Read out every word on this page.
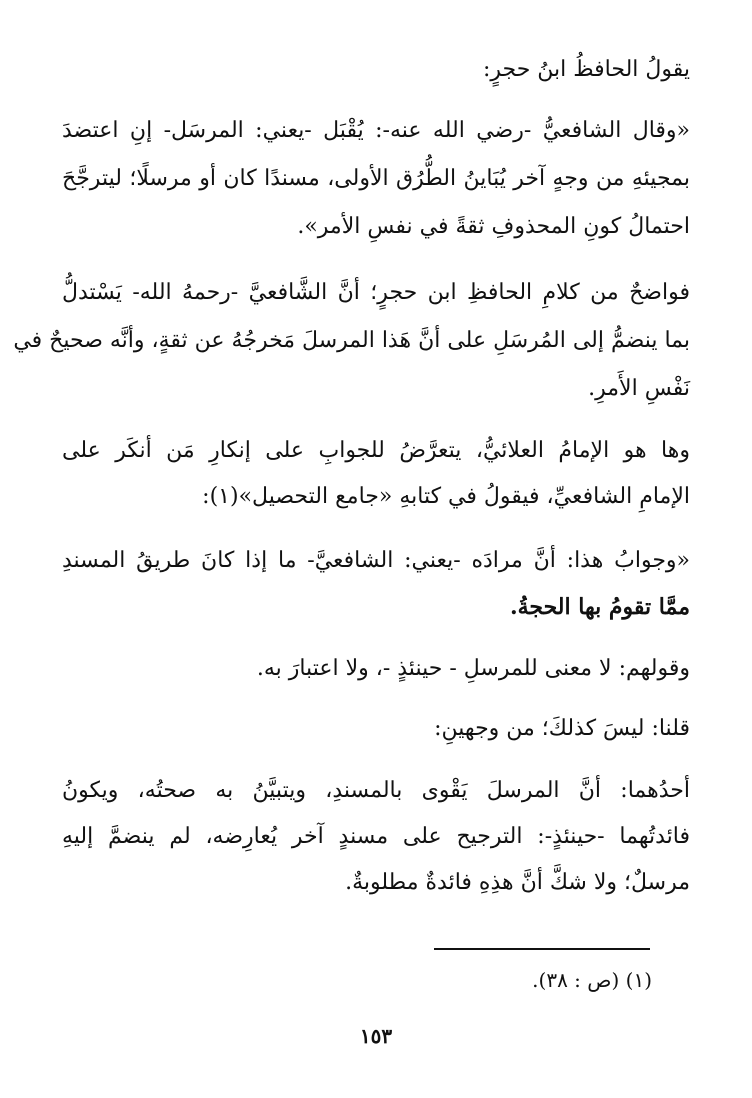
يقولُ الحافظُ ابنُ حجرٍ:
«وقال الشافعيُّ -رضي الله عنه-: يُقْبَل -يعني: المرسَل- إنِ اعتضدَ
بمجيئهِ من وجهٍ آخر يُبَاينُ الطُّرُق الأولى، مسندًا كان أو مرسلًا؛ ليترجَّحَ
احتمالُ كونِ المحذوفِ ثقةً في نفسِ الأمر».
فواضحٌ من كلامِ الحافظِ ابن حجرٍ؛ أنَّ الشَّافعيَّ -رحمهُ الله- يَسْتدلُّ
بما ينضمُّ إلى المُرسَلِ على أنَّ هَذا المرسلَ مَخرجُهُ عن ثقةٍ، وأنَّه صحيحٌ في
نَفْسِ الأَمرِ.
وها هو الإمامُ العلائيُّ، يتعرَّضُ للجوابِ على إنكارِ مَن أنكَر على
الإمامِ الشافعيِّ، فيقولُ في كتابهِ «جامع التحصيل»(١):
«وجوابُ هذا: أنَّ مرادَه -يعني: الشافعيَّ- ما إذا كانَ طريقُ المسندِ
ممَّا تقومُ بها الحجةُ.
وقولهم: لا معنى للمرسلِ - حينئذٍ -، ولا اعتبارَ به.
قلنا: ليسَ كذلكَ؛ من وجهينِ:
أحدُهما: أنَّ المرسلَ يَقْوى بالمسندِ، ويتبيَّنُ به صحتُه، ويكونُ
فائدتُهما -حينئذٍ-: الترجيح على مسندٍ آخر يُعارِضه، لم ينضمَّ إليهِ
مرسلٌ؛ ولا شكَّ أنَّ هذِهِ فائدةٌ مطلوبةٌ.
(١) (ص : ٣٨).
١٥٣
